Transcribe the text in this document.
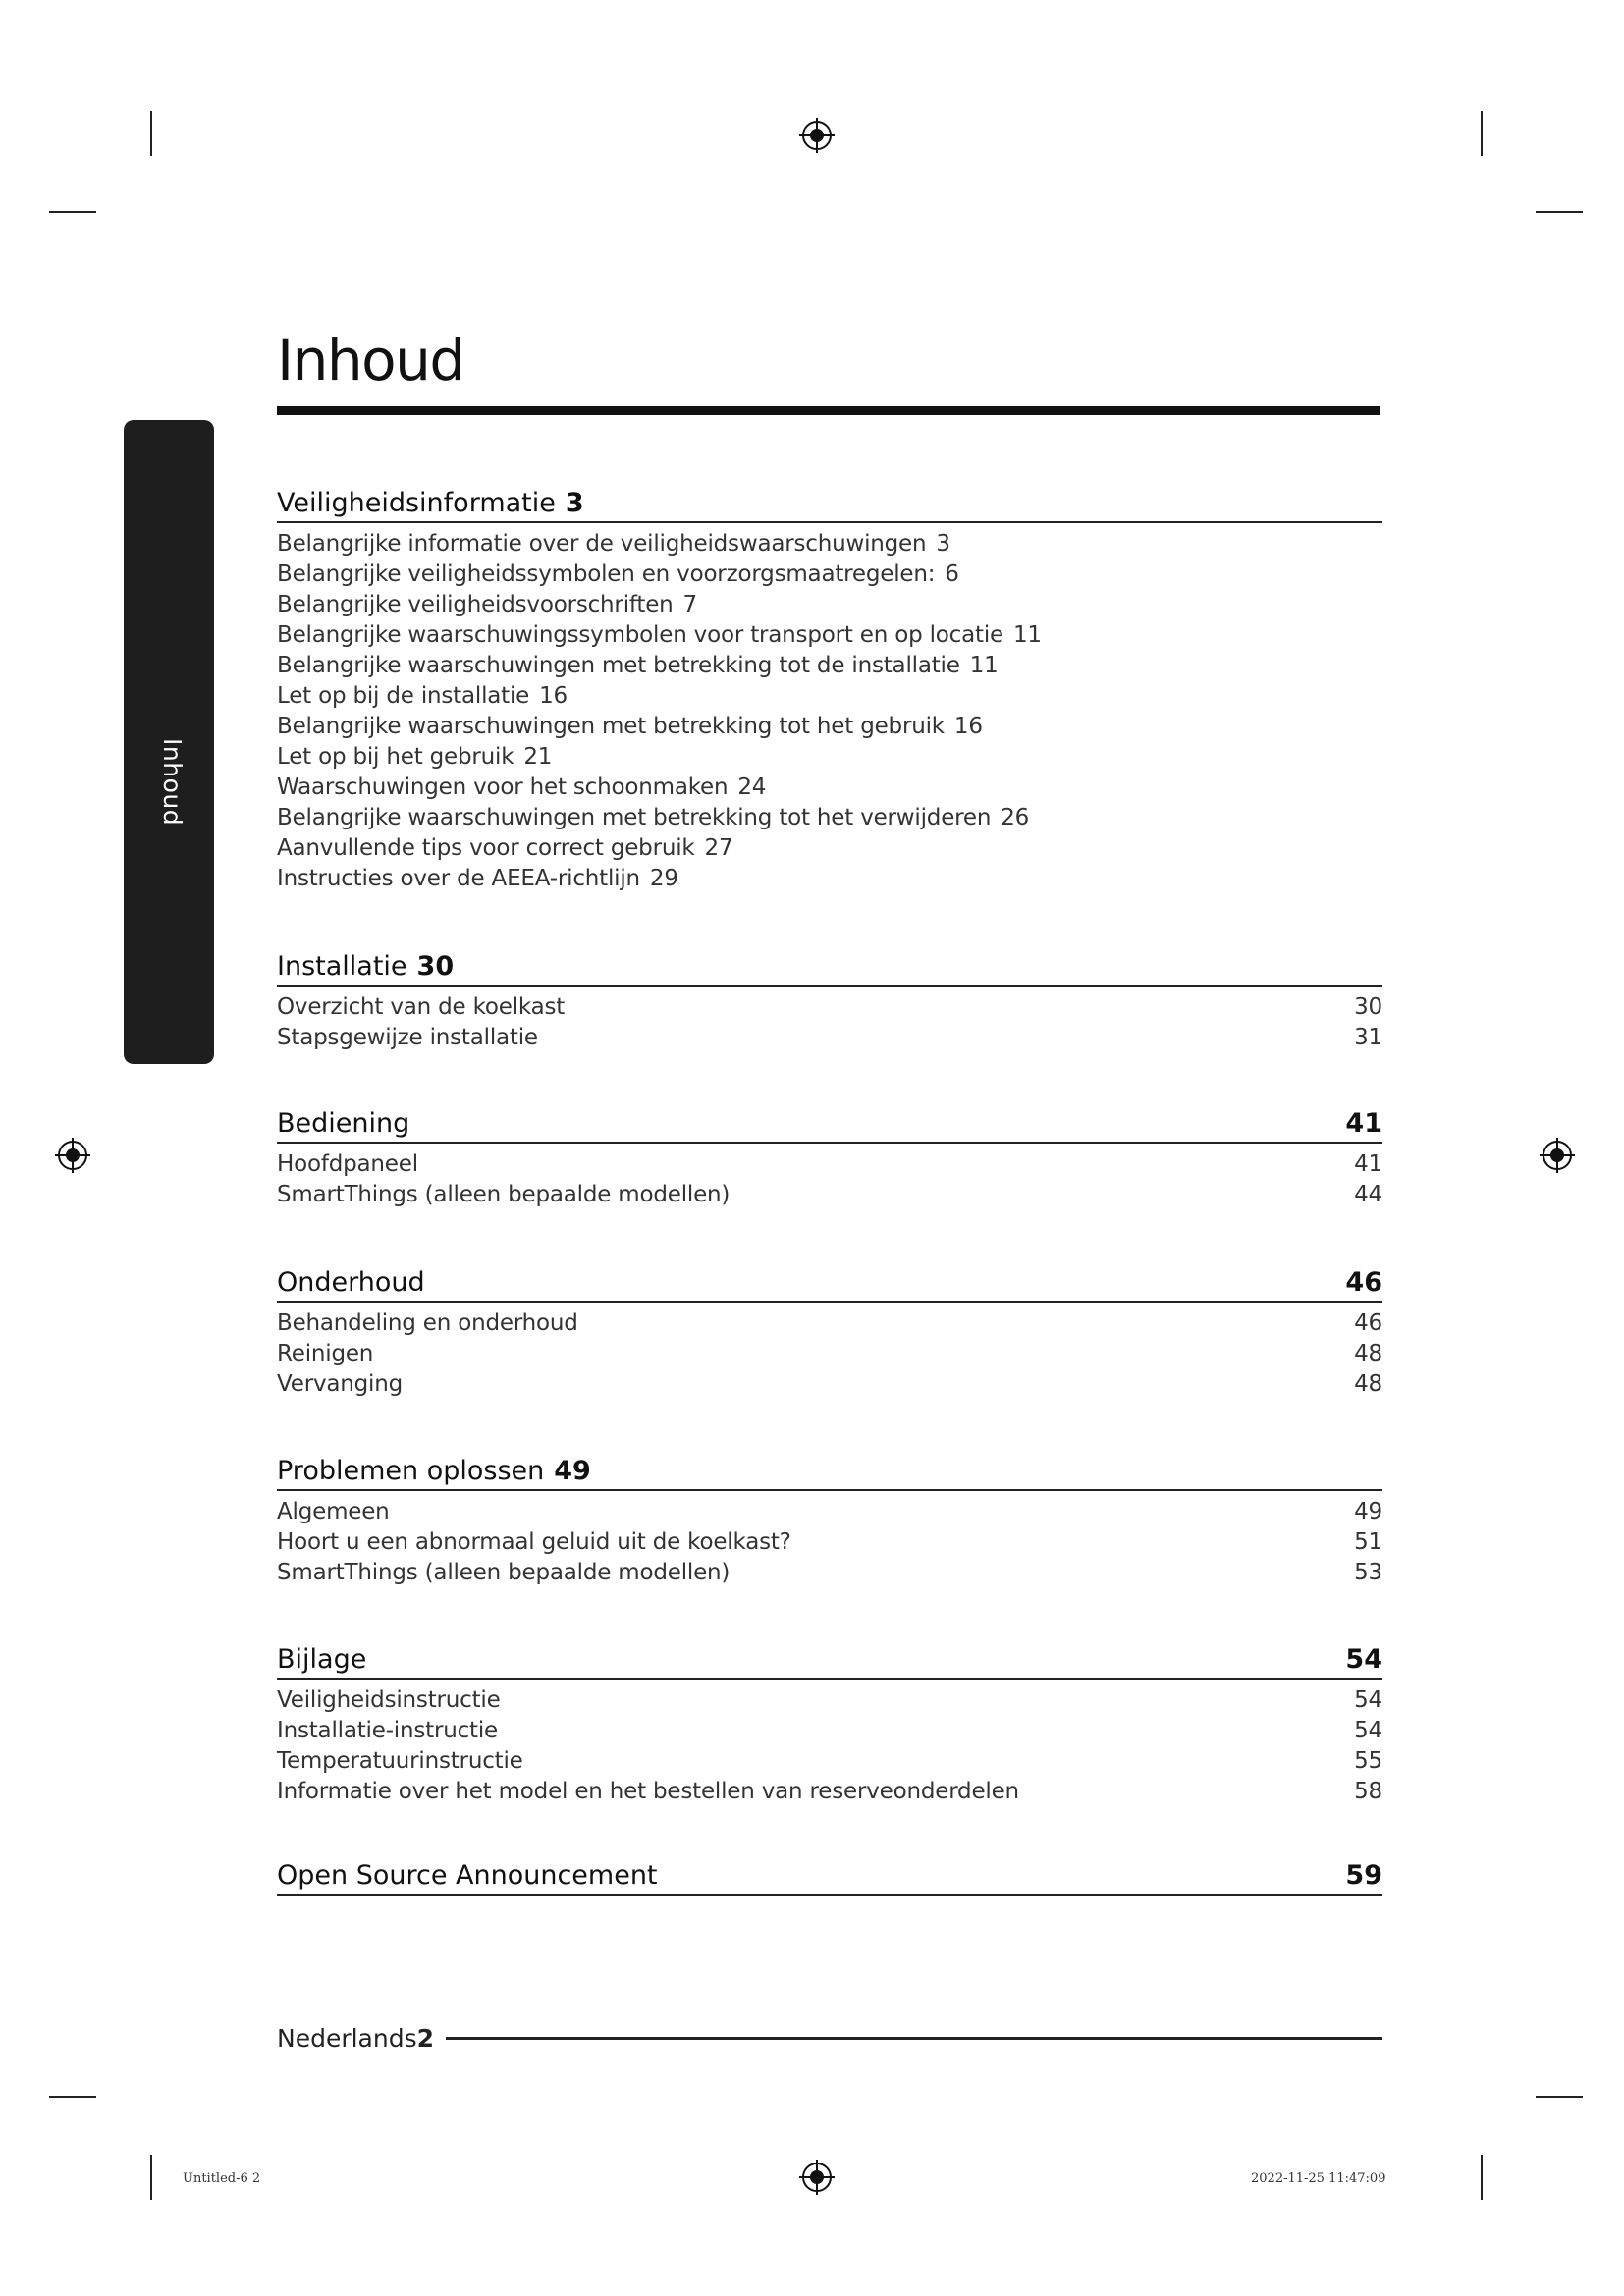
Inhoud
Inhoud
Veiligheidsinformatie 3
Belangrijke informatie over de veiligheidswaarschuwingen 3
Belangrijke veiligheidssymbolen en voorzorgsmaatregelen: 6
Belangrijke veiligheidsvoorschriften 7
Belangrijke waarschuwingssymbolen voor transport en op locatie 11
Belangrijke waarschuwingen met betrekking tot de installatie 11
Let op bij de installatie 16
Belangrijke waarschuwingen met betrekking tot het gebruik 16
Let op bij het gebruik 21
Waarschuwingen voor het schoonmaken 24
Belangrijke waarschuwingen met betrekking tot het verwijderen 26
Aanvullende tips voor correct gebruik 27
Instructies over de AEEA-richtlijn 29
Installatie 30
Overzicht van de koelkast	30
Stapsgewijze installatie	31
Bediening	41
Hoofdpaneel	41
SmartThings (alleen bepaalde modellen)	44
Onderhoud	46
Behandeling en onderhoud	46
Reinigen	48
Vervanging	48
Problemen oplossen 49
Algemeen	49
Hoort u een abnormaal geluid uit de koelkast?	51
SmartThings (alleen bepaalde modellen)	53
Bijlage	54
Veiligheidsinstructie	54
Installatie-instructie	54
Temperatuurinstructie	55
Informatie over het model en het bestellen van reserveonderdelen	58
Open Source Announcement	59
Nederlands 2
Untitled-6 2	2022-11-25 11:47:09
